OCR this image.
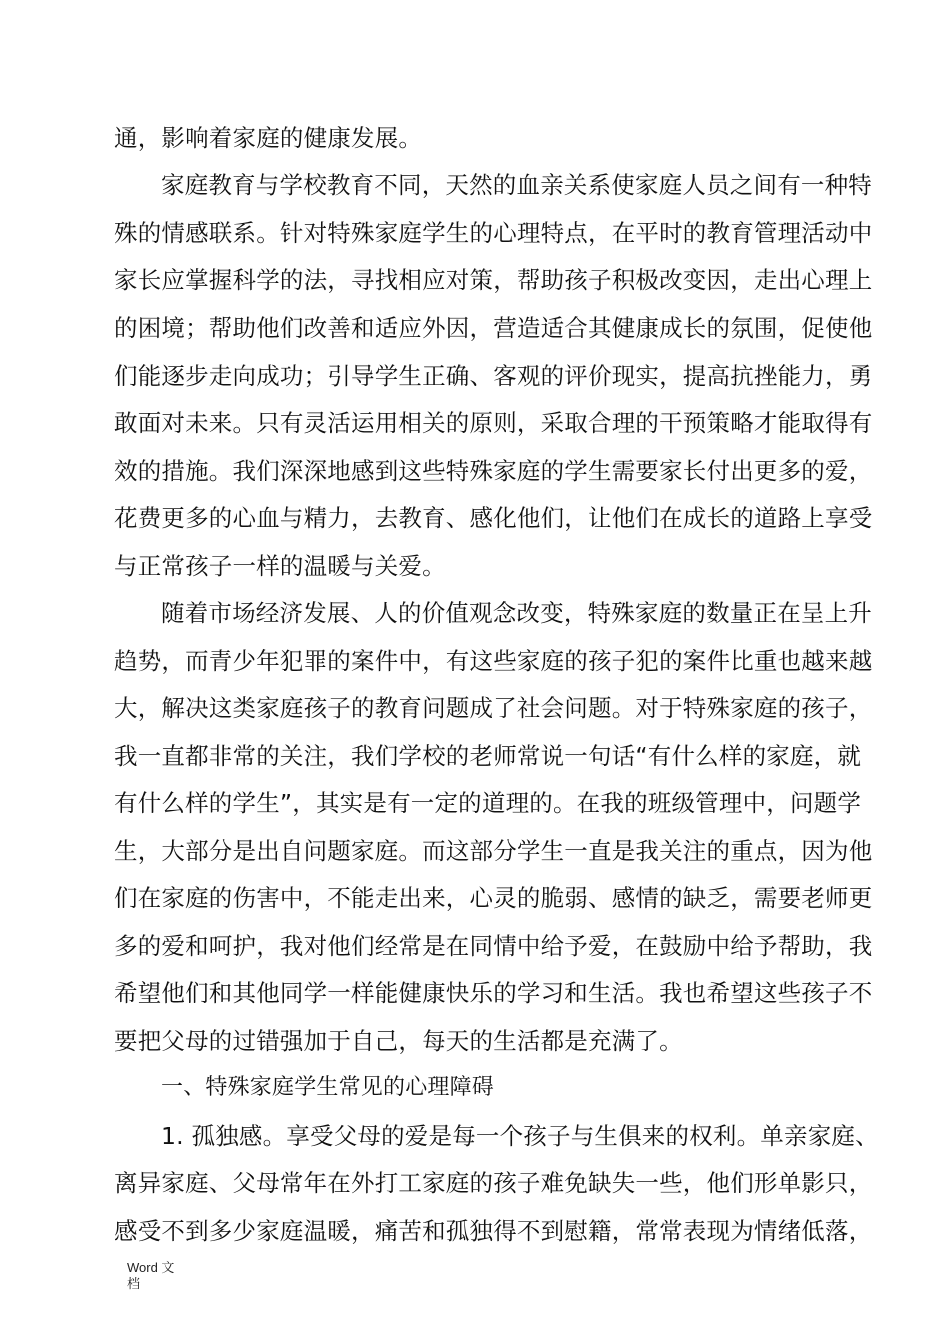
通，影响着家庭的健康发展。
家庭教育与学校教育不同，天然的血亲关系使家庭人员之间有一种特
殊的情感联系。针对特殊家庭学生的心理特点，在平时的教育管理活动中
家长应掌握科学的法，寻找相应对策，帮助孩子积极改变因，走出心理上
的困境；帮助他们改善和适应外因，营造适合其健康成长的氛围，促使他
们能逐步走向成功；引导学生正确、客观的评价现实，提高抗挫能力，勇
敢面对未来。只有灵活运用相关的原则，采取合理的干预策略才能取得有
效的措施。我们深深地感到这些特殊家庭的学生需要家长付出更多的爱，
花费更多的心血与精力，去教育、感化他们，让他们在成长的道路上享受
与正常孩子一样的温暖与关爱。
随着市场经济发展、人的价值观念改变，特殊家庭的数量正在呈上升
趋势，而青少年犯罪的案件中，有这些家庭的孩子犯的案件比重也越来越
大，解决这类家庭孩子的教育问题成了社会问题。对于特殊家庭的孩子，
我一直都非常的关注，我们学校的老师常说一句话“有什么样的家庭，就
有什么样的学生”，其实是有一定的道理的。在我的班级管理中，问题学
生，大部分是出自问题家庭。而这部分学生一直是我关注的重点，因为他
们在家庭的伤害中，不能走出来，心灵的脆弱、感情的缺乏，需要老师更
多的爱和呵护，我对他们经常是在同情中给予爱，在鼓励中给予帮助，我
希望他们和其他同学一样能健康快乐的学习和生活。我也希望这些孩子不
要把父母的过错强加于自己，每天的生活都是充满了。
一、特殊家庭学生常见的心理障碍
1. 孤独感。享受父母的爱是每一个孩子与生俱来的权利。单亲家庭、
离异家庭、父母常年在外打工家庭的孩子难免缺失一些，他们形单影只，
感受不到多少家庭温暖，痛苦和孤独得不到慰籍，常常表现为情绪低落，
Word 文档
